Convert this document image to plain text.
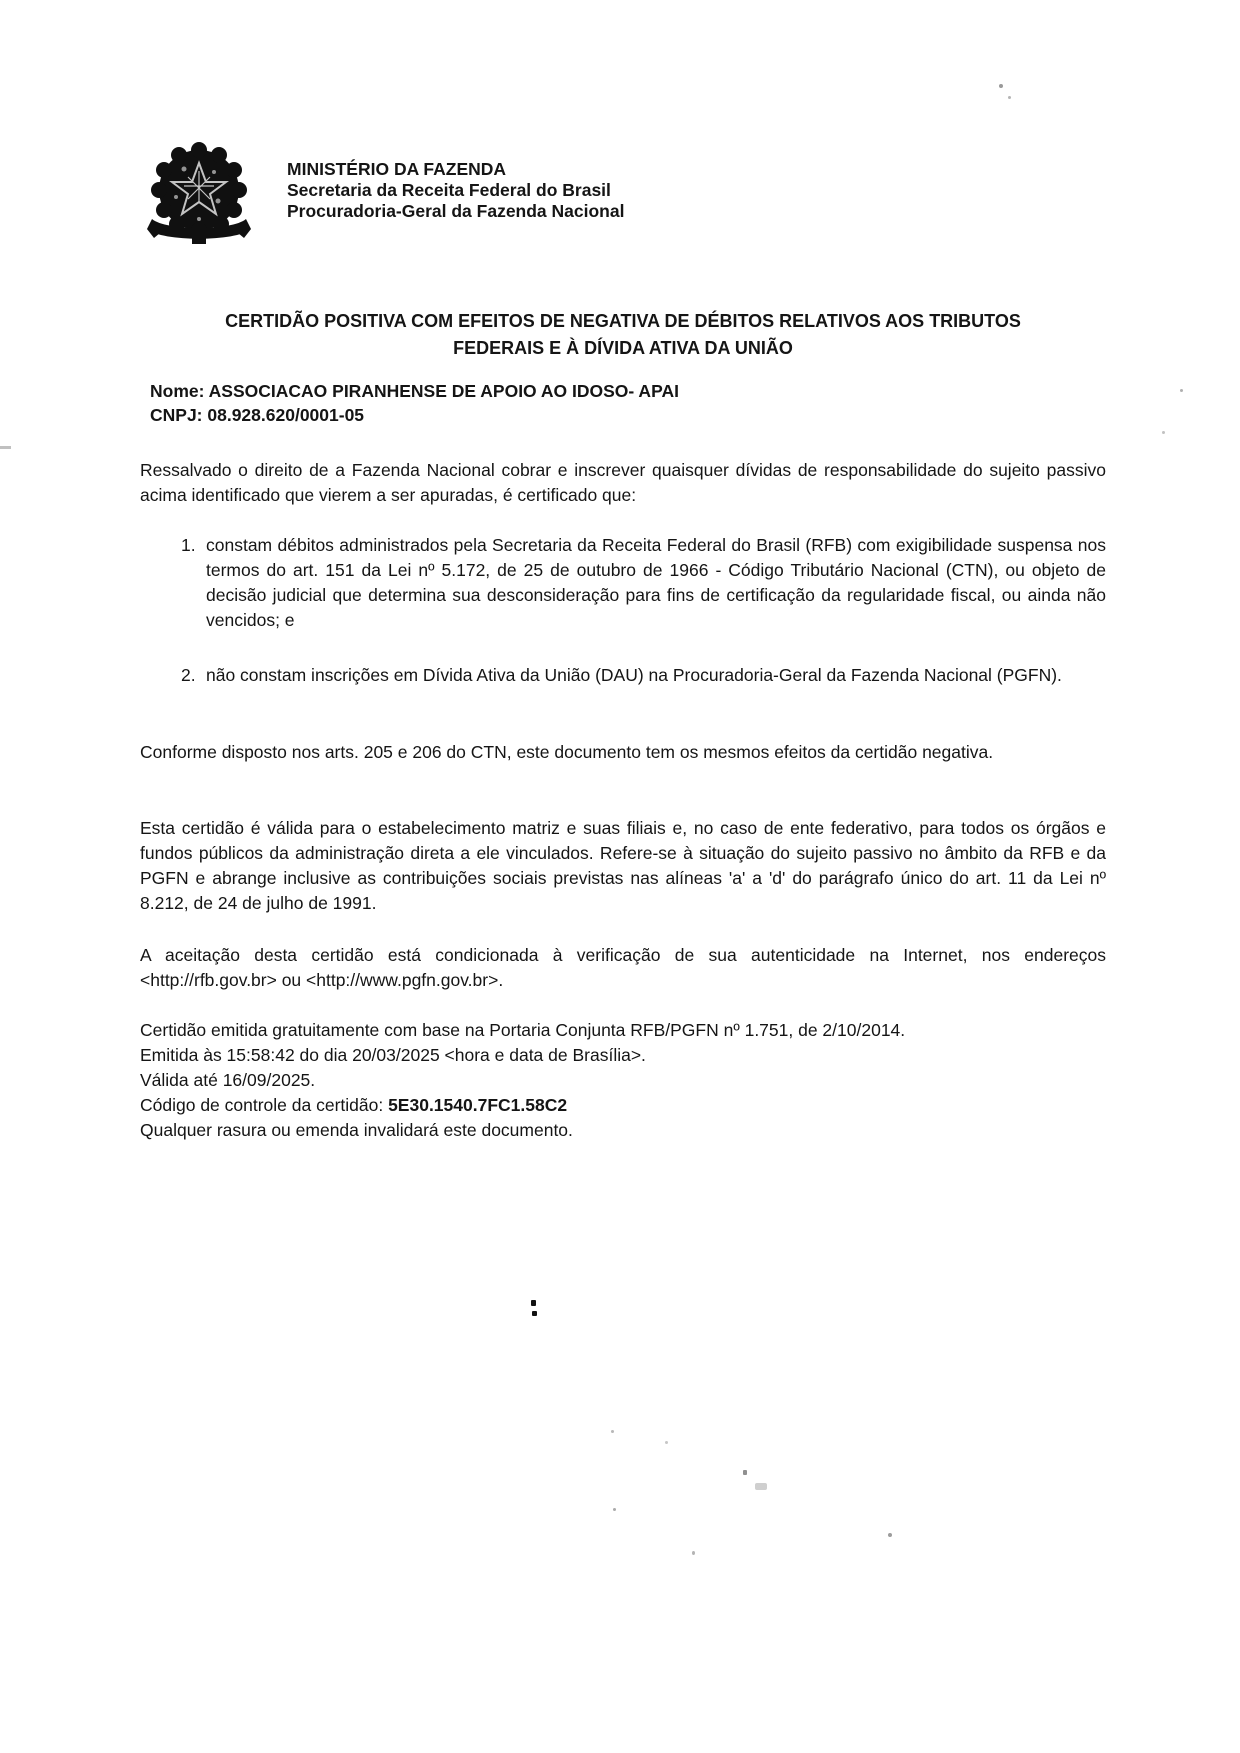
MINISTÉRIO DA FAZENDA
Secretaria da Receita Federal do Brasil
Procuradoria-Geral da Fazenda Nacional
CERTIDÃO POSITIVA COM EFEITOS DE NEGATIVA DE DÉBITOS RELATIVOS AOS TRIBUTOS
FEDERAIS E À DÍVIDA ATIVA DA UNIÃO
Nome: ASSOCIACAO PIRANHENSE DE APOIO AO IDOSO- APAI
CNPJ: 08.928.620/0001-05
Ressalvado o direito de a Fazenda Nacional cobrar e inscrever quaisquer dívidas de responsabilidade do sujeito passivo acima identificado que vierem a ser apuradas, é certificado que:
1. constam débitos administrados pela Secretaria da Receita Federal do Brasil (RFB) com exigibilidade suspensa nos termos do art. 151 da Lei nº 5.172, de 25 de outubro de 1966 - Código Tributário Nacional (CTN), ou objeto de decisão judicial que determina sua desconsideração para fins de certificação da regularidade fiscal, ou ainda não vencidos; e
2. não constam inscrições em Dívida Ativa da União (DAU) na Procuradoria-Geral da Fazenda Nacional (PGFN).
Conforme disposto nos arts. 205 e 206 do CTN, este documento tem os mesmos efeitos da certidão negativa.
Esta certidão é válida para o estabelecimento matriz e suas filiais e, no caso de ente federativo, para todos os órgãos e fundos públicos da administração direta a ele vinculados. Refere-se à situação do sujeito passivo no âmbito da RFB e da PGFN e abrange inclusive as contribuições sociais previstas nas alíneas 'a' a 'd' do parágrafo único do art. 11 da Lei nº 8.212, de 24 de julho de 1991.
A aceitação desta certidão está condicionada à verificação de sua autenticidade na Internet, nos endereços <http://rfb.gov.br> ou <http://www.pgfn.gov.br>.
Certidão emitida gratuitamente com base na Portaria Conjunta RFB/PGFN nº 1.751, de 2/10/2014.
Emitida às 15:58:42 do dia 20/03/2025 <hora e data de Brasília>.
Válida até 16/09/2025.
Código de controle da certidão: 5E30.1540.7FC1.58C2
Qualquer rasura ou emenda invalidará este documento.
